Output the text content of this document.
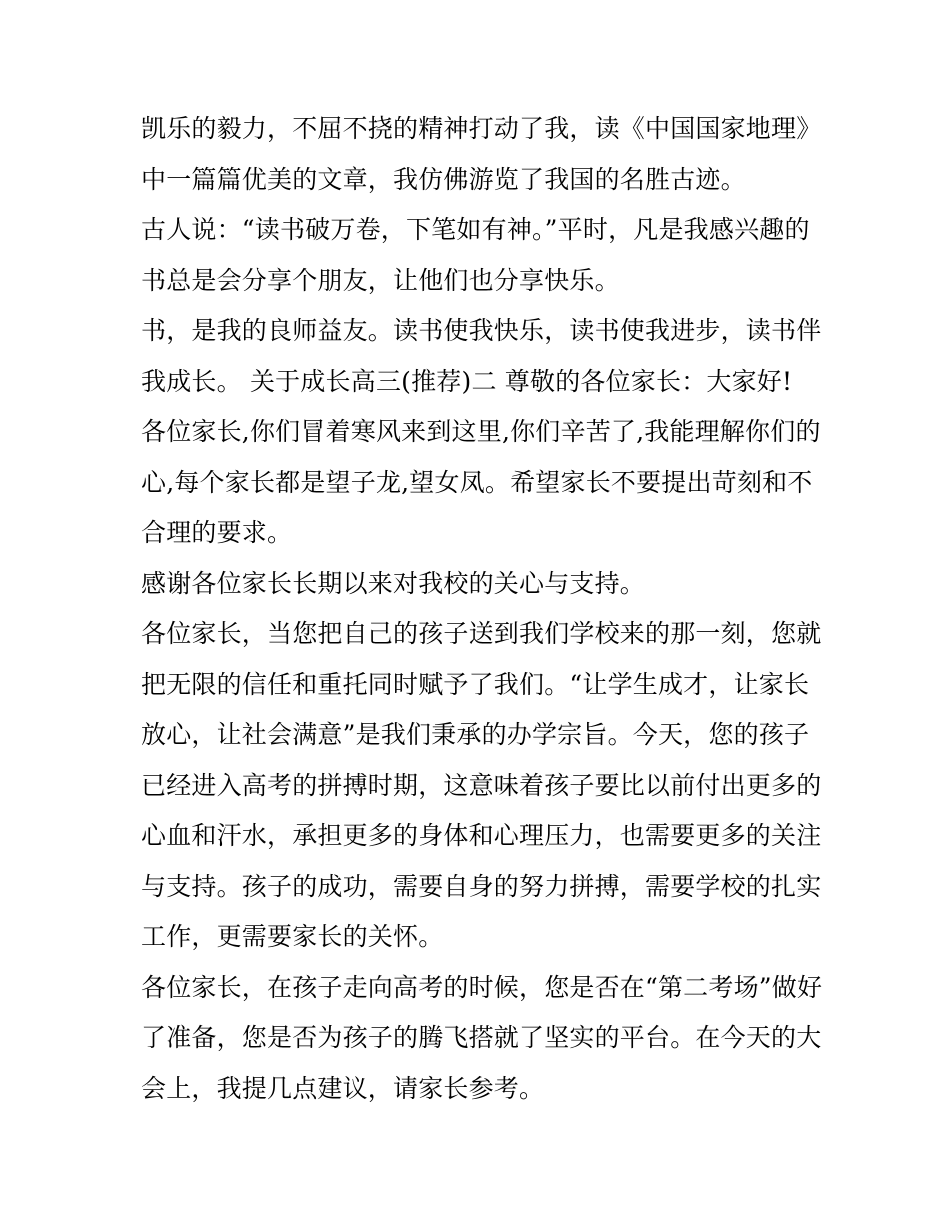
凯乐的毅力，不屈不挠的精神打动了我，读《中国国家地理》
中一篇篇优美的文章，我仿佛游览了我国的名胜古迹。

古人说：“读书破万卷，下笔如有神。”平时，凡是我感兴趣的
书总是会分享个朋友，让他们也分享快乐。

书，是我的良师益友。读书使我快乐，读书使我进步，读书伴
我成长。 关于成长高三(推荐)二 尊敬的各位家长：大家好!

各位家长,你们冒着寒风来到这里,你们辛苦了,我能理解你们的
心,每个家长都是望子龙,望女凤。希望家长不要提出苛刻和不
合理的要求。

感谢各位家长长期以来对我校的关心与支持。

各位家长，当您把自己的孩子送到我们学校来的那一刻，您就
把无限的信任和重托同时赋予了我们。“让学生成才，让家长
放心，让社会满意”是我们秉承的办学宗旨。今天，您的孩子
已经进入高考的拼搏时期，这意味着孩子要比以前付出更多的
心血和汗水，承担更多的身体和心理压力，也需要更多的关注
与支持。孩子的成功，需要自身的努力拼搏，需要学校的扎实
工作，更需要家长的关怀。

各位家长，在孩子走向高考的时候，您是否在“第二考场”做好
了准备，您是否为孩子的腾飞搭就了坚实的平台。在今天的大
会上，我提几点建议，请家长参考。
